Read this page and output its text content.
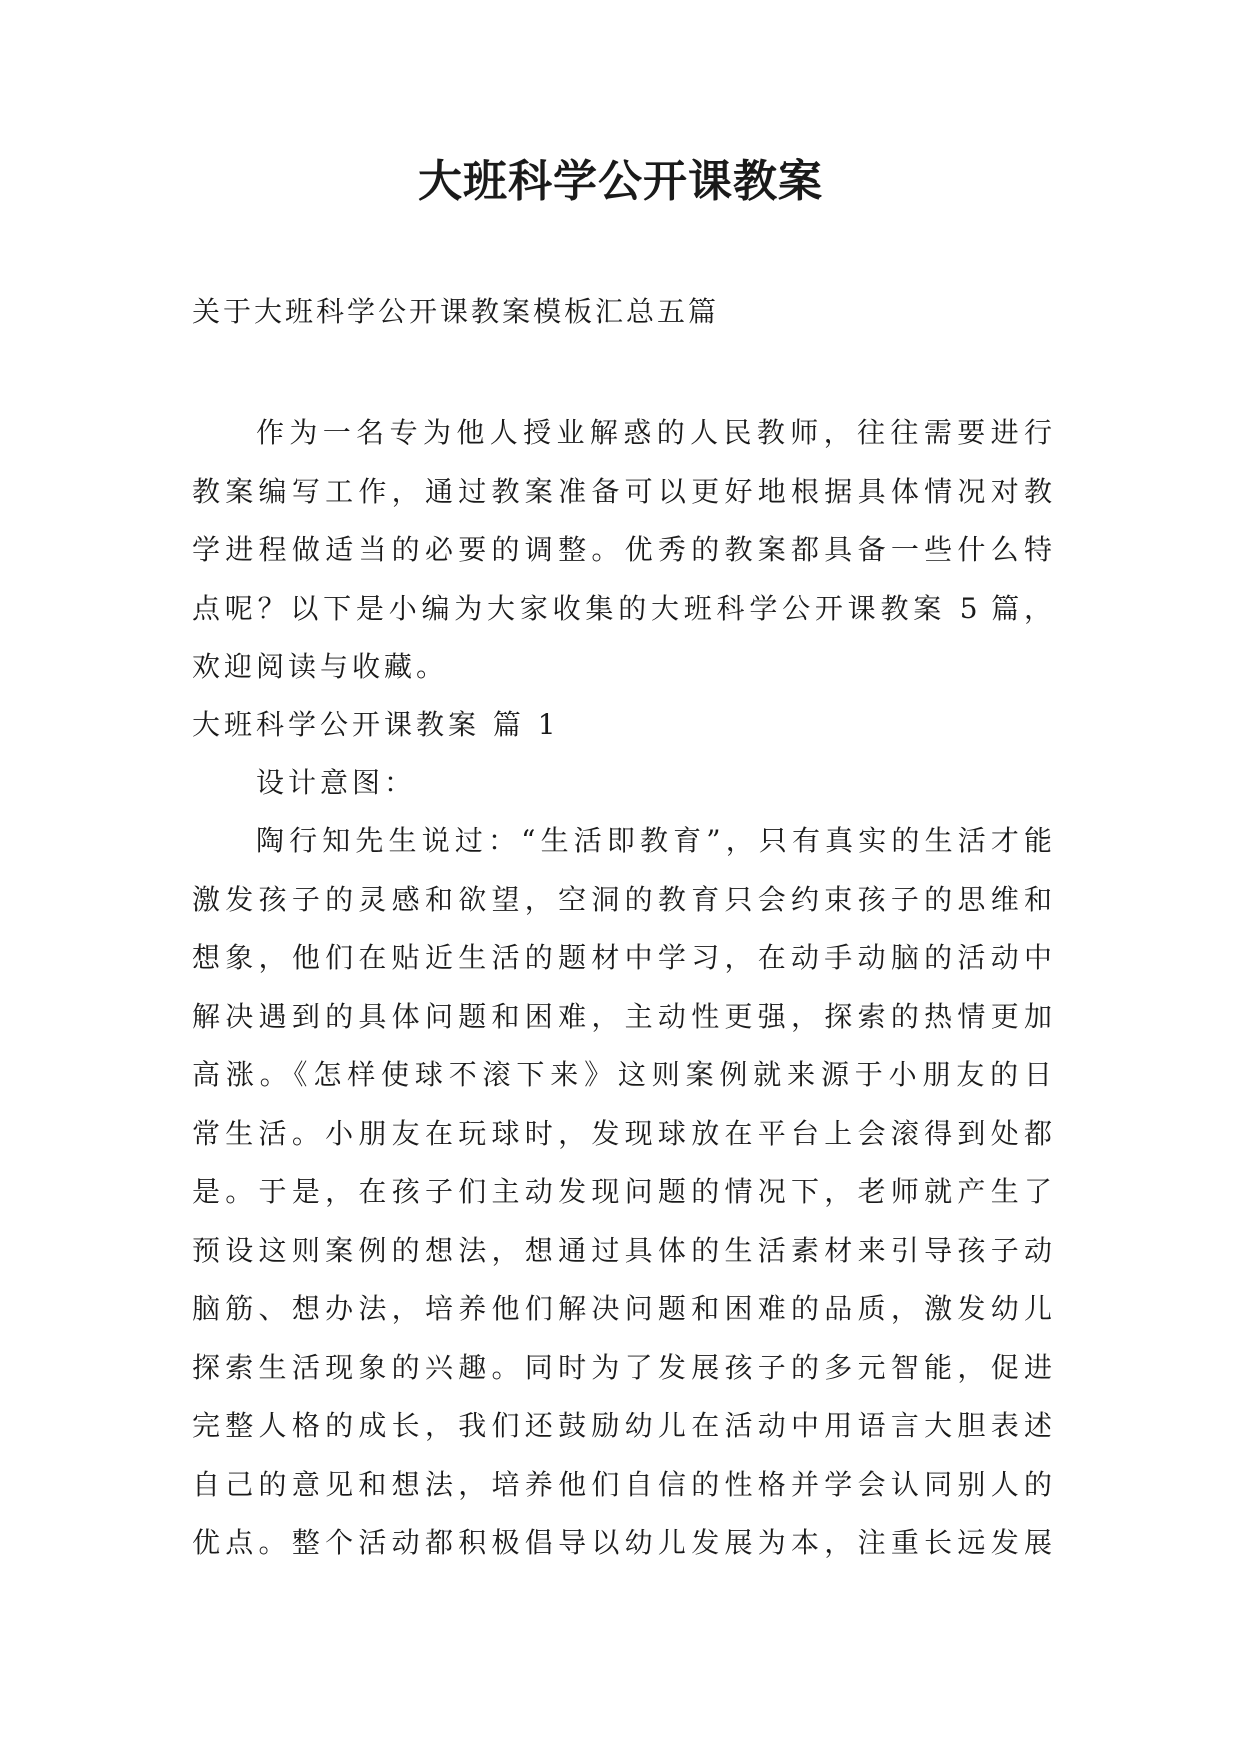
大班科学公开课教案
关于大班科学公开课教案模板汇总五篇
作为一名专为他人授业解惑的人民教师，往往需要进行
教案编写工作，通过教案准备可以更好地根据具体情况对教
学进程做适当的必要的调整。优秀的教案都具备一些什么特
点呢？以下是小编为大家收集的大班科学公开课教案 5 篇，
欢迎阅读与收藏。
大班科学公开课教案 篇 1
设计意图：
陶行知先生说过：“生活即教育”，只有真实的生活才能
激发孩子的灵感和欲望，空洞的教育只会约束孩子的思维和
想象，他们在贴近生活的题材中学习，在动手动脑的活动中
解决遇到的具体问题和困难，主动性更强，探索的热情更加
高涨。《怎样使球不滚下来》这则案例就来源于小朋友的日
常生活。小朋友在玩球时，发现球放在平台上会滚得到处都
是。于是，在孩子们主动发现问题的情况下，老师就产生了
预设这则案例的想法，想通过具体的生活素材来引导孩子动
脑筋、想办法，培养他们解决问题和困难的品质，激发幼儿
探索生活现象的兴趣。同时为了发展孩子的多元智能，促进
完整人格的成长，我们还鼓励幼儿在活动中用语言大胆表述
自己的意见和想法，培养他们自信的性格并学会认同别人的
优点。整个活动都积极倡导以幼儿发展为本，注重长远发展
